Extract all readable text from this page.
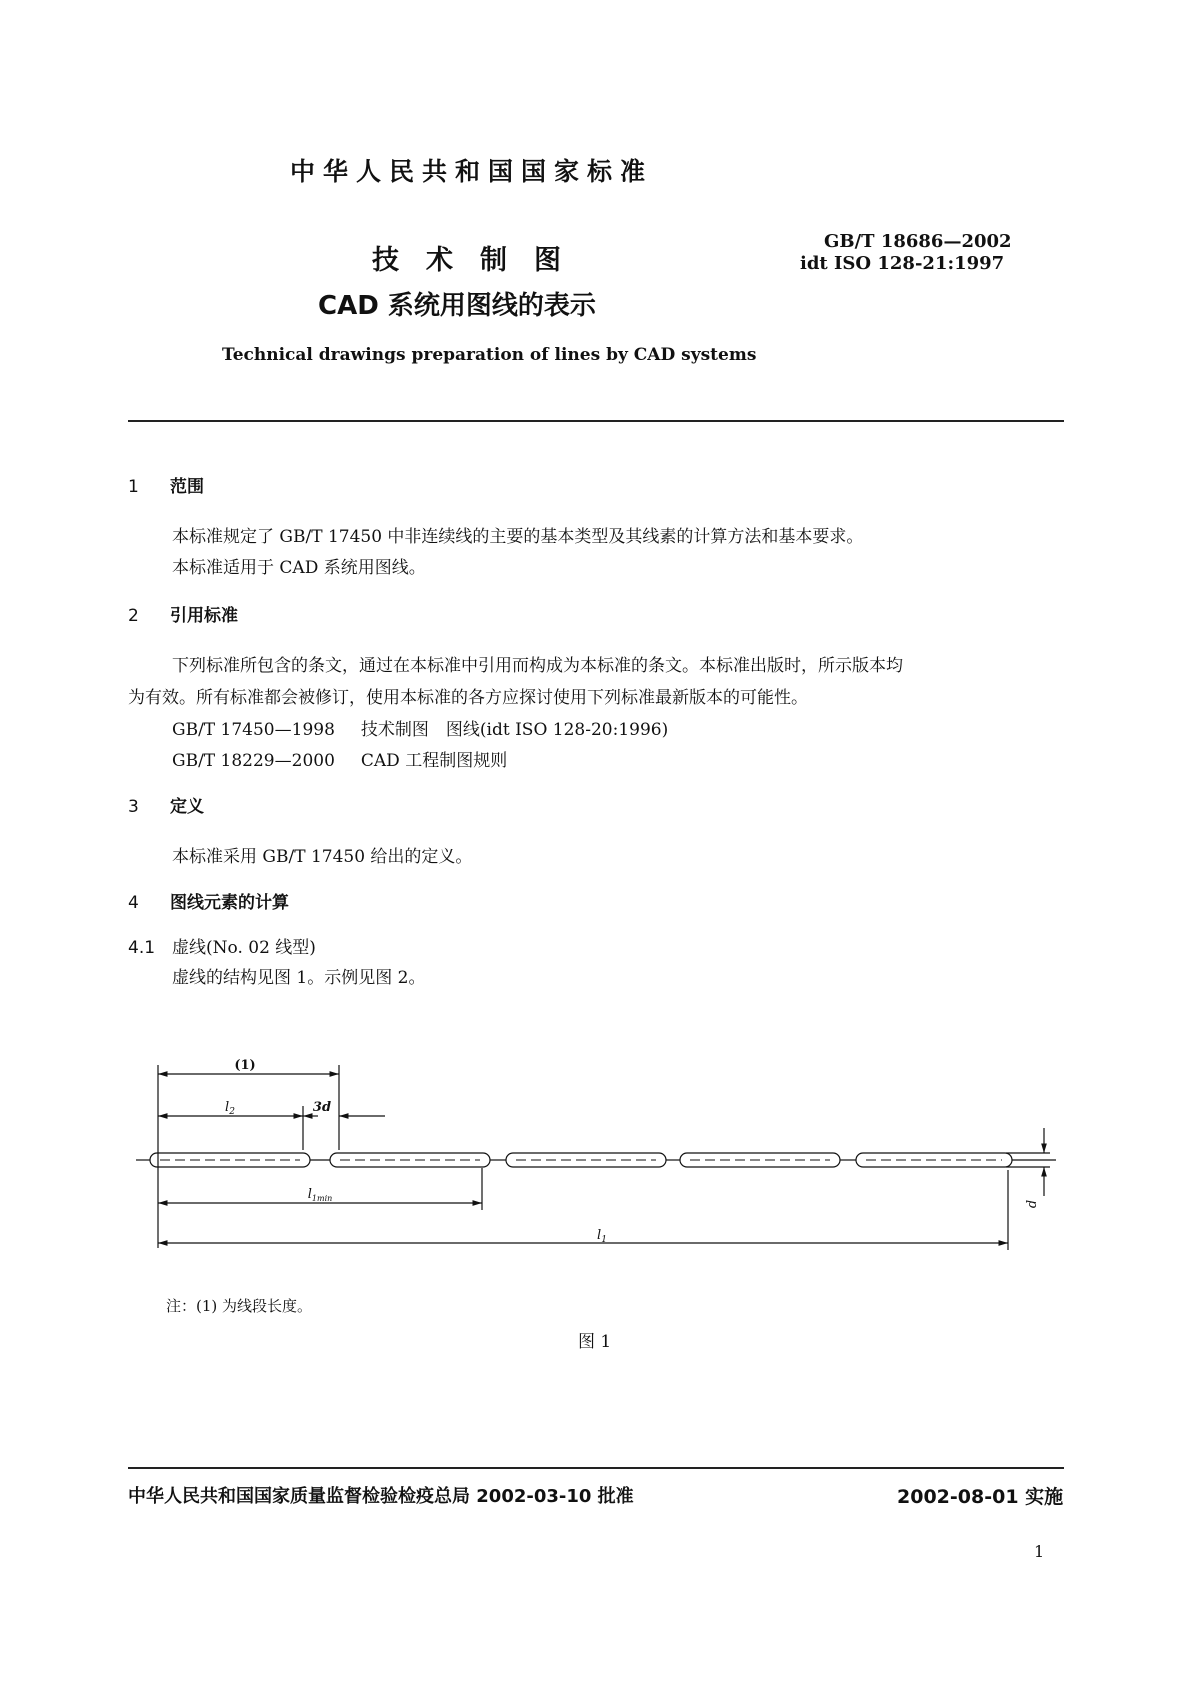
中华人民共和国国家标准
技术制图
CAD 系统用图线的表示
Technical drawings preparation of lines by CAD systems
GB/T 18686—2002
idt ISO 128-21:1997
1 范围
本标准规定了 GB/T 17450 中非连续线的主要的基本类型及其线素的计算方法和基本要求。
本标准适用于 CAD 系统用图线。
2 引用标准
下列标准所包含的条文，通过在本标准中引用而构成为本标准的条文。本标准出版时，所示版本均
为有效。所有标准都会被修订，使用本标准的各方应探讨使用下列标准最新版本的可能性。
GB/T 17450—1998 技术制图　图线(idt ISO 128-20:1996)
GB/T 18229—2000 CAD 工程制图规则
3 定义
本标准采用 GB/T 17450 给出的定义。
4 图线元素的计算
4.1 虚线(No. 02 线型)
虚线的结构见图 1。示例见图 2。
(1)
$l_2$	3d
$l_{1min}$
$l_1$
d
注：(1) 为线段长度。
图 1
中华人民共和国国家质量监督检验检疫总局 2002-03-10 批准	2002-08-01 实施
1
